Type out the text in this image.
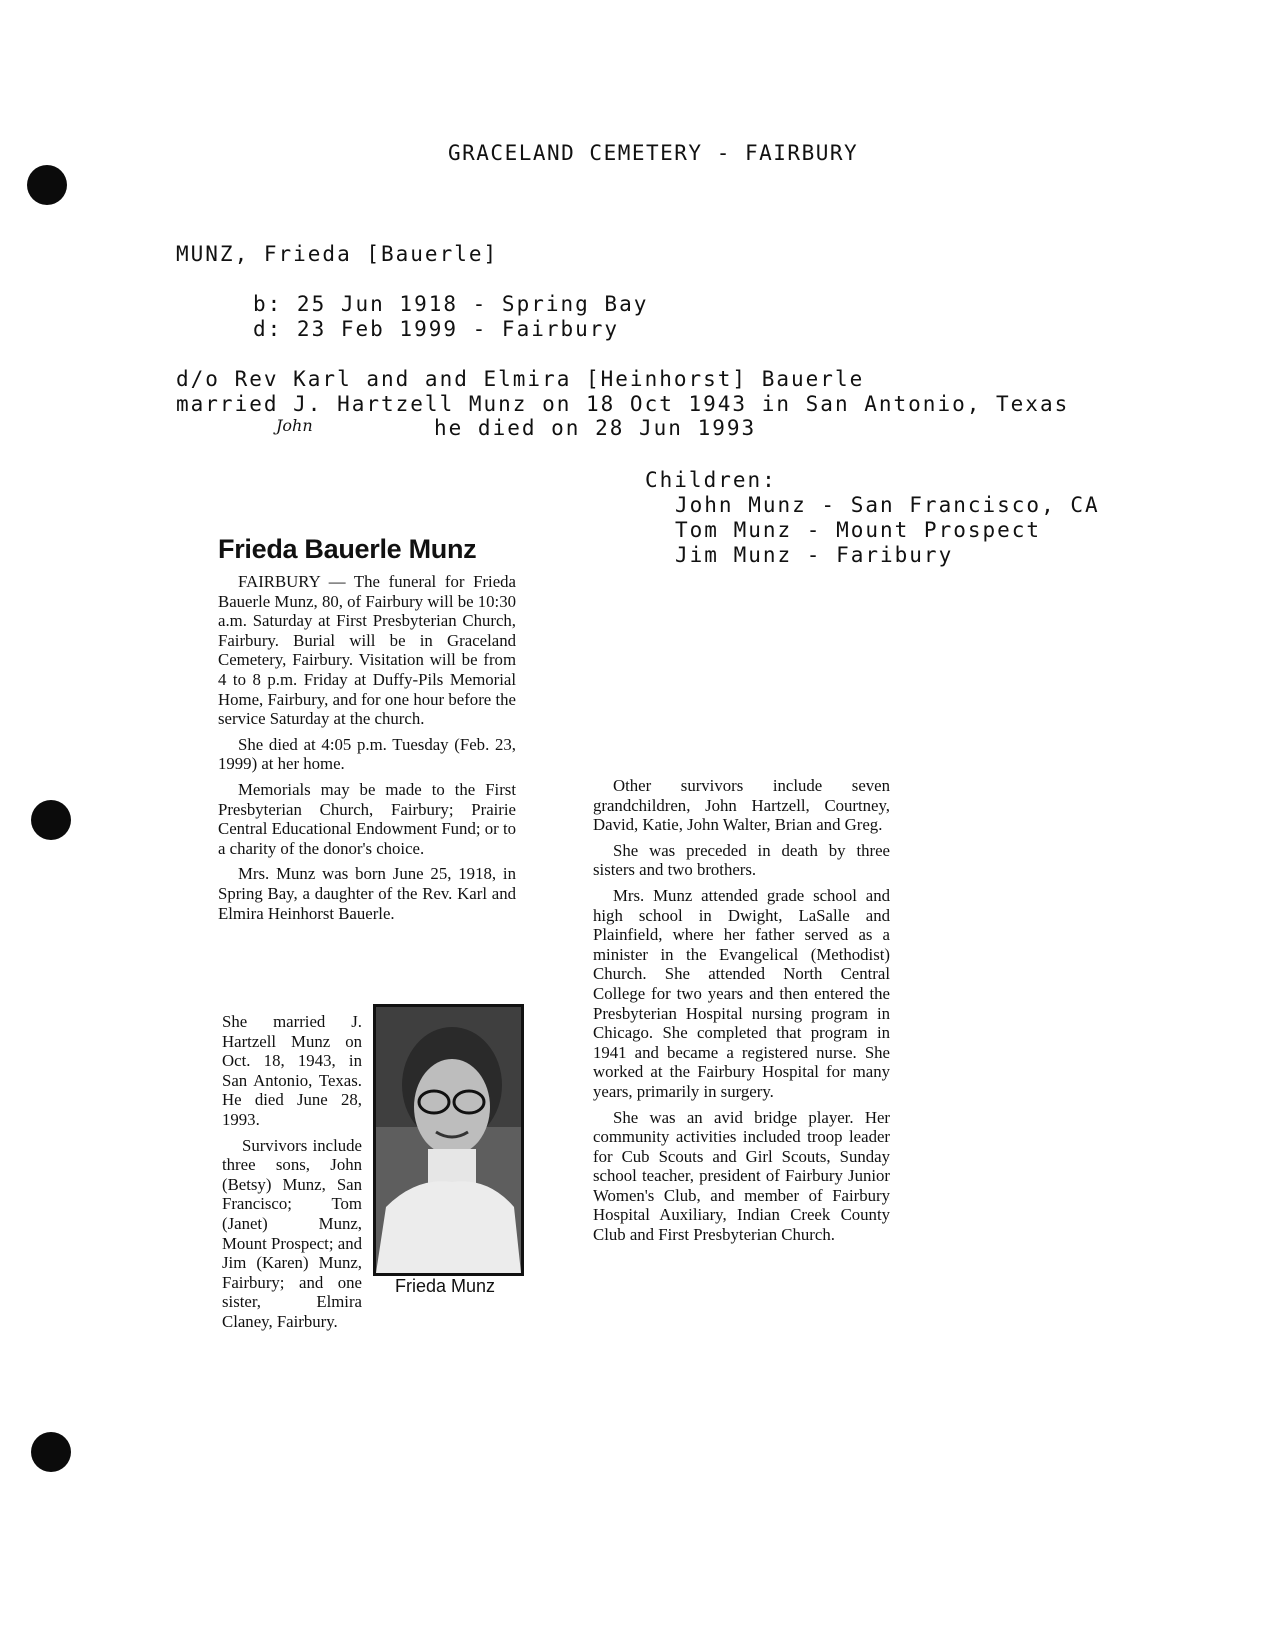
GRACELAND CEMETERY - FAIRBURY
MUNZ, Frieda [Bauerle]
b: 25 Jun 1918 - Spring Bay
d: 23 Feb 1999 - Fairbury
d/o Rev Karl and and Elmira [Heinhorst] Bauerle
married J. Hartzell Munz on 18 Oct 1943 in San Antonio, Texas
John	he died on 28 Jun 1993
Children:
John Munz - San Francisco, CA
Tom Munz - Mount Prospect
Jim Munz - Faribury
Frieda Bauerle Munz

FAIRBURY — The funeral for Frieda Bauerle Munz, 80, of Fairbury will be 10:30 a.m. Saturday at First Presbyterian Church, Fairbury. Burial will be in Graceland Cemetery, Fairbury. Visitation will be from 4 to 8 p.m. Friday at Duffy-Pils Memorial Home, Fairbury, and for one hour before the service Saturday at the church.

She died at 4:05 p.m. Tuesday (Feb. 23, 1999) at her home.

Memorials may be made to the First Presbyterian Church, Fairbury; Prairie Central Educational Endowment Fund; or to a charity of the donor's choice.

Mrs. Munz was born June 25, 1918, in Spring Bay, a daughter of the Rev. Karl and Elmira Heinhorst Bauerle.

She married J. Hartzell Munz on Oct. 18, 1943, in San Antonio, Texas. He died June 28, 1993.

Survivors include three sons, John (Betsy) Munz, San Francisco; Tom (Janet) Munz, Mount Prospect; and Jim (Karen) Munz, Fairbury; and one sister, Elmira Claney, Fairbury.

Frieda Munz

Other survivors include seven grandchildren, John Hartzell, Courtney, David, Katie, John Walter, Brian and Greg.

She was preceded in death by three sisters and two brothers.

Mrs. Munz attended grade school and high school in Dwight, LaSalle and Plainfield, where her father served as a minister in the Evangelical (Methodist) Church. She attended North Central College for two years and then entered the Presbyterian Hospital nursing program in Chicago. She completed that program in 1941 and became a registered nurse. She worked at the Fairbury Hospital for many years, primarily in surgery.

She was an avid bridge player. Her community activities included troop leader for Cub Scouts and Girl Scouts, Sunday school teacher, president of Fairbury Junior Women's Club, and member of Fairbury Hospital Auxiliary, Indian Creek County Club and First Presbyterian Church.
